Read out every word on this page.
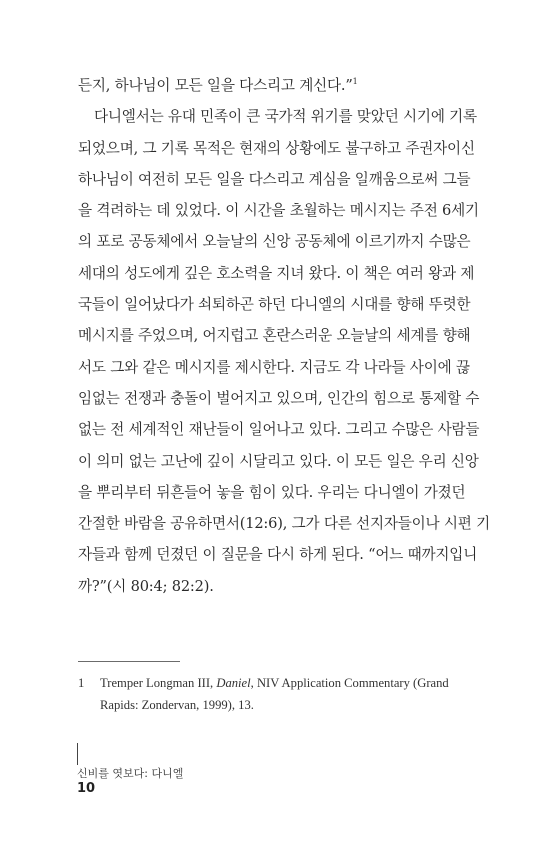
든지, 하나님이 모든 일을 다스리고 계신다.”$^1$
다니엘서는 유대 민족이 큰 국가적 위기를 맞았던 시기에 기록
되었으며, 그 기록 목적은 현재의 상황에도 불구하고 주권자이신
하나님이 여전히 모든 일을 다스리고 계심을 일깨움으로써 그들
을 격려하는 데 있었다. 이 시간을 초월하는 메시지는 주전 6세기
의 포로 공동체에서 오늘날의 신앙 공동체에 이르기까지 수많은
세대의 성도에게 깊은 호소력을 지녀 왔다. 이 책은 여러 왕과 제
국들이 일어났다가 쇠퇴하곤 하던 다니엘의 시대를 향해 뚜렷한
메시지를 주었으며, 어지럽고 혼란스러운 오늘날의 세계를 향해
서도 그와 같은 메시지를 제시한다. 지금도 각 나라들 사이에 끊
임없는 전쟁과 충돌이 벌어지고 있으며, 인간의 힘으로 통제할 수
없는 전 세계적인 재난들이 일어나고 있다. 그리고 수많은 사람들
이 의미 없는 고난에 깊이 시달리고 있다. 이 모든 일은 우리 신앙
을 뿌리부터 뒤흔들어 놓을 힘이 있다. 우리는 다니엘이 가졌던
간절한 바람을 공유하면서(12:6), 그가 다른 선지자들이나 시편 기
자들과 함께 던졌던 이 질문을 다시 하게 된다. “어느 때까지입니
까?”(시 80:4; 82:2).
1 Tremper Longman III, Daniel, NIV Application Commentary (Grand
Rapids: Zondervan, 1999), 13.
신비를 엿보다: 다니엘
10
